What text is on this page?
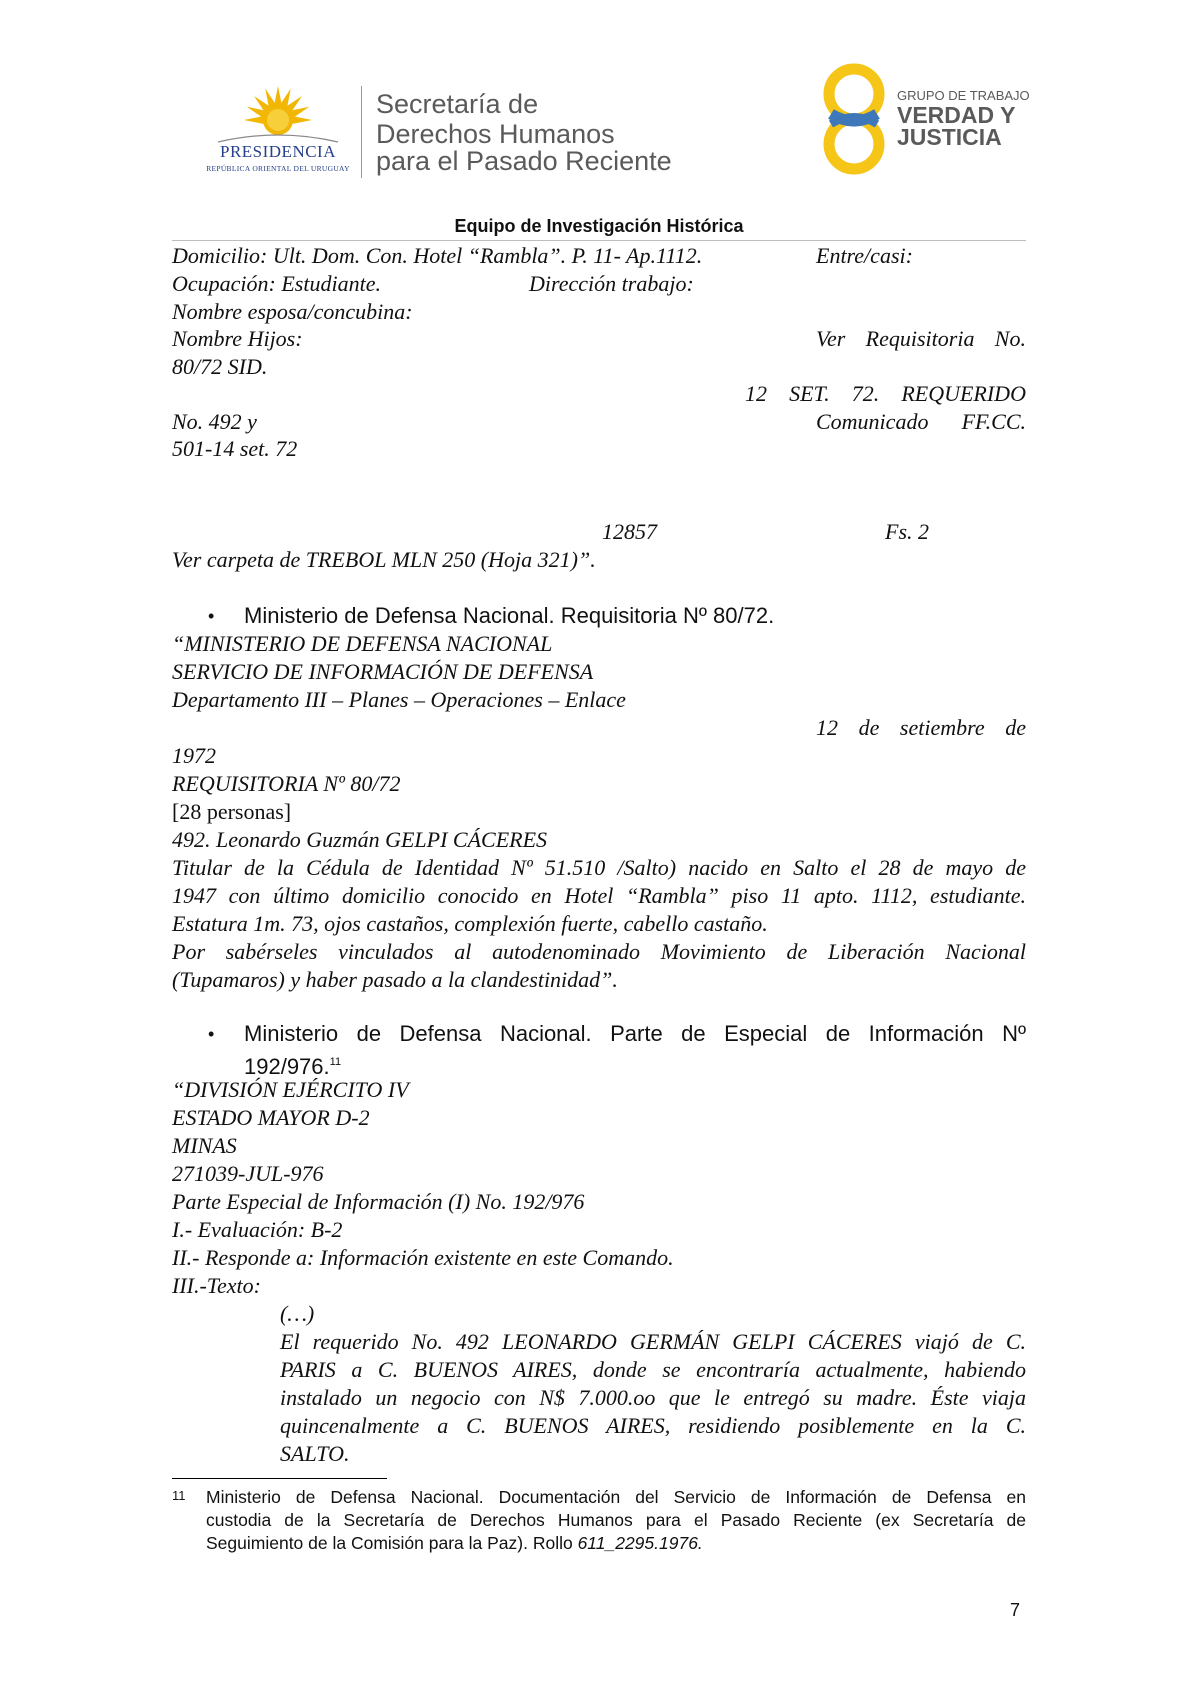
PRESIDENCIA
REPÚBLICA ORIENTAL DEL URUGUAY
Secretaría de
Derechos Humanos
para el Pasado Reciente
GRUPO DE TRABAJO
VERDAD Y
JUSTICIA
Equipo de Investigación Histórica
Domicilio: Ult. Dom. Con. Hotel “Rambla”. P. 11- Ap.1112.	Entre/casi:
Ocupación: Estudiante.	Dirección trabajo:
Nombre esposa/concubina:
Nombre Hijos:	Ver Requisitoria No.
80/72 SID.
12 SET. 72. REQUERIDO
No. 492 y	Comunicado FF.CC.
501-14 set. 72
12857	Fs. 2
Ver carpeta de TREBOL MLN 250 (Hoja 321)”.
• Ministerio de Defensa Nacional. Requisitoria Nº 80/72.
“MINISTERIO DE DEFENSA NACIONAL
SERVICIO DE INFORMACIÓN DE DEFENSA
Departamento III – Planes – Operaciones – Enlace
12 de setiembre de
1972
REQUISITORIA Nº 80/72
[28 personas]
492. Leonardo Guzmán GELPI CÁCERES
Titular de la Cédula de Identidad Nº 51.510 /Salto) nacido en Salto el 28 de mayo de
1947 con último domicilio conocido en Hotel “Rambla” piso 11 apto. 1112, estudiante.
Estatura 1m. 73, ojos castaños, complexión fuerte, cabello castaño.
Por sabérseles vinculados al autodenominado Movimiento de Liberación Nacional
(Tupamaros) y haber pasado a la clandestinidad”.
• Ministerio de Defensa Nacional. Parte de Especial de Información Nº
192/976.11
“DIVISIÓN EJÉRCITO IV
ESTADO MAYOR D-2
MINAS
271039-JUL-976
Parte Especial de Información (I) No. 192/976
I.- Evaluación: B-2
II.- Responde a: Información existente en este Comando.
III.-Texto:
(…)
El requerido No. 492 LEONARDO GERMÁN GELPI CÁCERES viajó de C.
PARIS a C. BUENOS AIRES, donde se encontraría actualmente, habiendo
instalado un negocio con N$ 7.000.oo que le entregó su madre. Éste viaja
quincenalmente a C. BUENOS AIRES, residiendo posiblemente en la C.
SALTO.
11 Ministerio de Defensa Nacional. Documentación del Servicio de Información de Defensa en
custodia de la Secretaría de Derechos Humanos para el Pasado Reciente (ex Secretaría de
Seguimiento de la Comisión para la Paz). Rollo 611_2295.1976.
7
